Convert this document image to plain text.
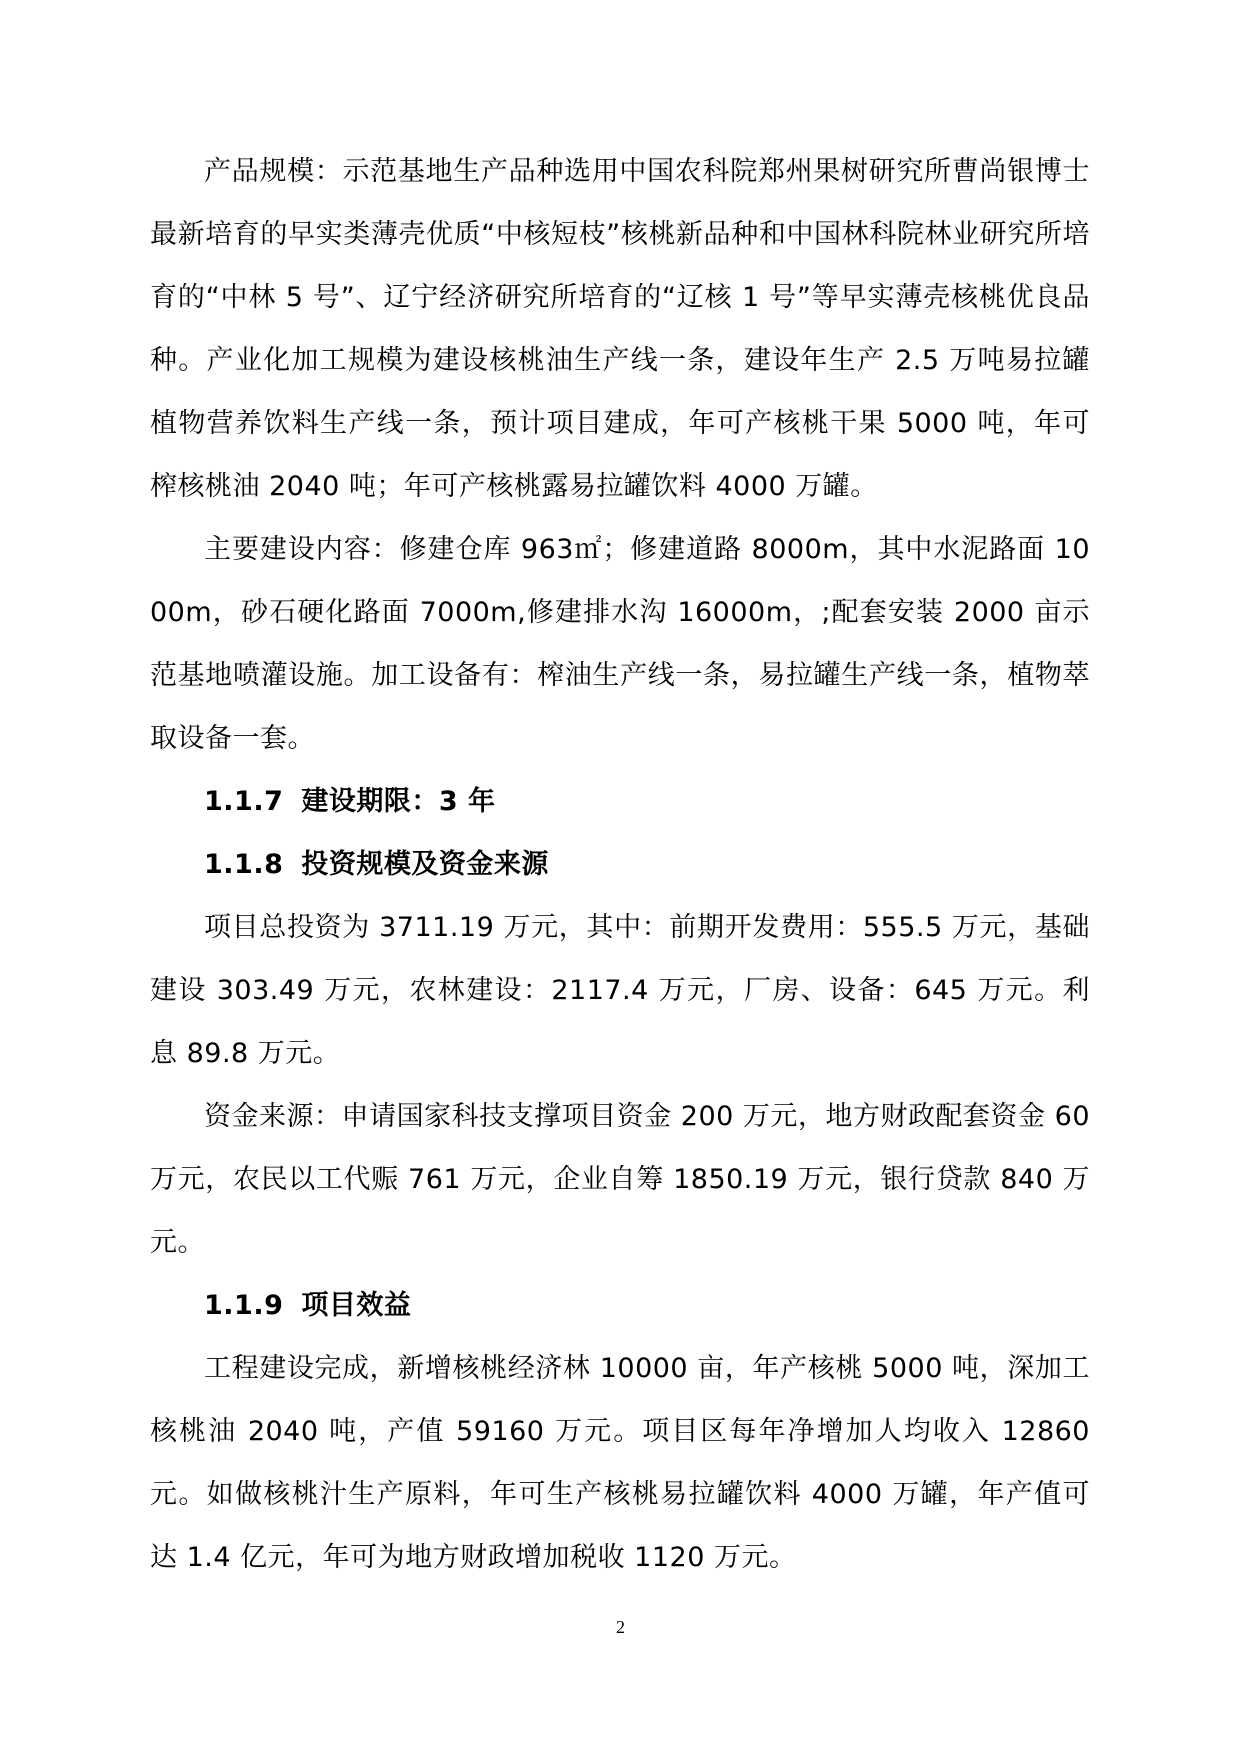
产品规模：示范基地生产品种选用中国农科院郑州果树研究所曹尚银博士最新培育的早实类薄壳优质“中核短枝”核桃新品种和中国林科院林业研究所培育的“中林 5 号”、辽宁经济研究所培育的“辽核 1 号”等早实薄壳核桃优良品种。产业化加工规模为建设核桃油生产线一条，建设年生产 2.5 万吨易拉罐植物营养饮料生产线一条，预计项目建成，年可产核桃干果 5000 吨，年可榨核桃油 2040 吨；年可产核桃露易拉罐饮料 4000 万罐。

主要建设内容：修建仓库 963㎡；修建道路 8000m，其中水泥路面 1000m，砂石硬化路面 7000m,修建排水沟 16000m，;配套安装 2000 亩示范基地喷灌设施。加工设备有：榨油生产线一条，易拉罐生产线一条，植物萃取设备一套。

1.1.7 建设期限：3 年

1.1.8 投资规模及资金来源

项目总投资为 3711.19 万元，其中：前期开发费用：555.5 万元，基础建设 303.49 万元，农林建设：2117.4 万元，厂房、设备：645 万元。利息 89.8 万元。

资金来源：申请国家科技支撑项目资金 200 万元，地方财政配套资金 60 万元，农民以工代赈 761 万元，企业自筹 1850.19 万元，银行贷款 840 万元。

1.1.9 项目效益

工程建设完成，新增核桃经济林 10000 亩，年产核桃 5000 吨，深加工核桃油 2040 吨，产值 59160 万元。项目区每年净增加人均收入 12860 元。如做核桃汁生产原料，年可生产核桃易拉罐饮料 4000 万罐，年产值可达 1.4 亿元，年可为地方财政增加税收 1120 万元。

2
